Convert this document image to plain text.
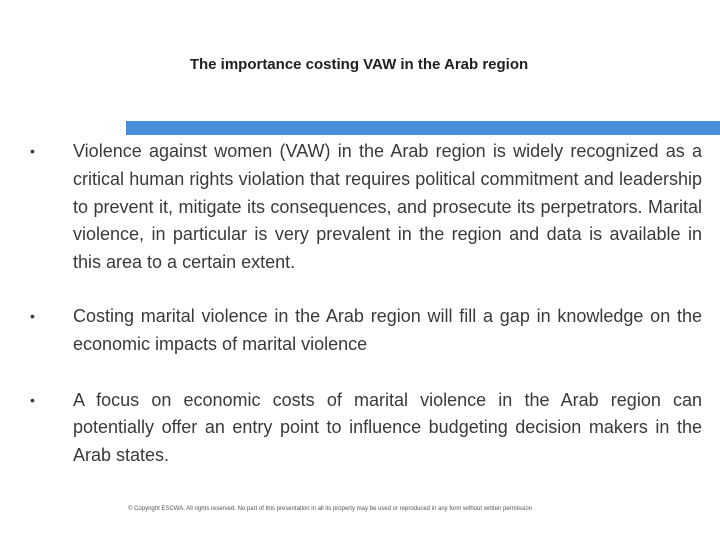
The importance costing VAW in the Arab region
•	Violence against women (VAW) in the Arab region is widely recognized as a critical human rights violation that requires political commitment and leadership to prevent it, mitigate its consequences, and prosecute its perpetrators. Marital violence, in particular is very prevalent in the region and data is available in this area to a certain extent.
•	Costing marital violence in the Arab region will fill a gap in knowledge on the economic impacts of marital violence
•	A focus on economic costs of marital violence in the Arab region can potentially offer an entry point to influence budgeting decision makers in the Arab states.
© Copyright ESCWA. All rights reserved. No part of this presentation in all its property may be used or reproduced in any form without written permission
